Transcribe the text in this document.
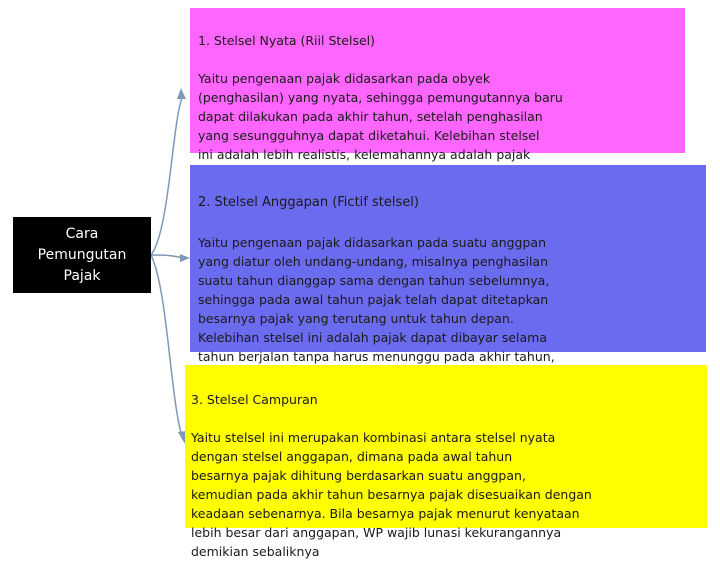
Cara
Pemungutan
Pajak

1. Stelsel Nyata (Riil Stelsel)

Yaitu pengenaan pajak didasarkan pada obyek
(penghasilan) yang nyata, sehingga pemungutannya baru
dapat dilakukan pada akhir tahun, setelah penghasilan
yang sesungguhnya dapat diketahui. Kelebihan stelsel
ini adalah lebih realistis, kelemahannya adalah pajak

2. Stelsel Anggapan (Fictif stelsel)

Yaitu pengenaan pajak didasarkan pada suatu anggpan
yang diatur oleh undang-undang, misalnya penghasilan
suatu tahun dianggap sama dengan tahun sebelumnya,
sehingga pada awal tahun pajak telah dapat ditetapkan
besarnya pajak yang terutang untuk tahun depan.
Kelebihan stelsel ini adalah pajak dapat dibayar selama
tahun berjalan tanpa harus menunggu pada akhir tahun,

3. Stelsel Campuran

Yaitu stelsel ini merupakan kombinasi antara stelsel nyata
dengan stelsel anggapan, dimana pada awal tahun
besarnya pajak dihitung berdasarkan suatu anggpan,
kemudian pada akhir tahun besarnya pajak disesuaikan dengan
keadaan sebenarnya. Bila besarnya pajak menurut kenyataan
lebih besar dari anggapan, WP wajib lunasi kekurangannya
demikian sebaliknya
